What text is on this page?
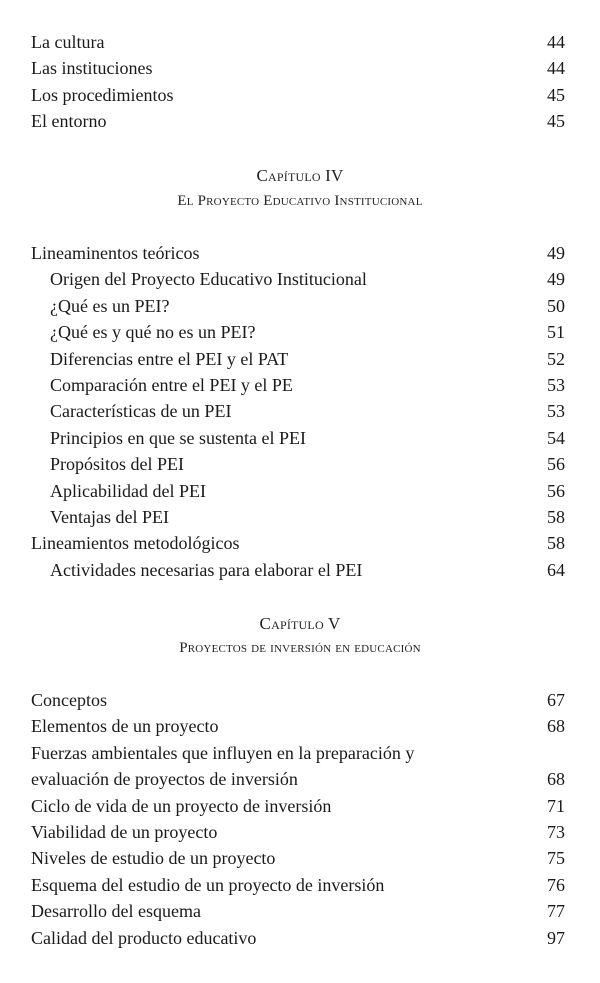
La cultura	44
Las instituciones	44
Los procedimientos	45
El entorno	45
Capítulo IV
El Proyecto Educativo Institucional
Lineaminentos teóricos	49
Origen del Proyecto Educativo Institucional	49
¿Qué es un PEI?	50
¿Qué es y qué no es un PEI?	51
Diferencias entre el PEI y el PAT	52
Comparación entre el PEI y el PE	53
Características de un PEI	53
Principios en que se sustenta el PEI	54
Propósitos del PEI	56
Aplicabilidad del PEI	56
Ventajas del PEI	58
Lineamientos metodológicos	58
Actividades necesarias para elaborar el PEI	64
Capítulo V
Proyectos de inversión en educación
Conceptos	67
Elementos de un proyecto	68
Fuerzas ambientales que influyen en la preparación y
evaluación de proyectos de inversión	68
Ciclo de vida de un proyecto de inversión	71
Viabilidad de un proyecto	73
Niveles de estudio de un proyecto	75
Esquema del estudio de un proyecto de inversión	76
Desarrollo del esquema	77
Calidad del producto educativo	97
